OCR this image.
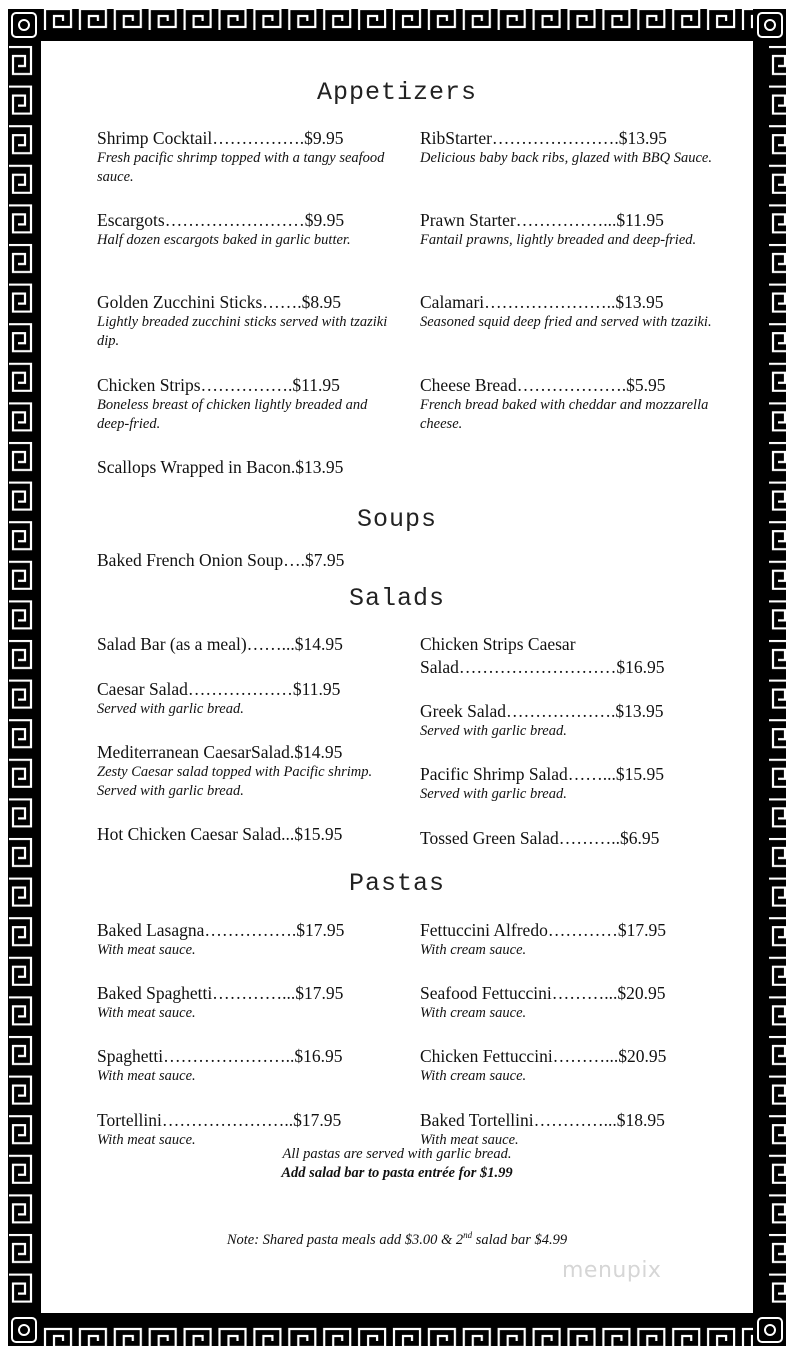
Appetizers
Shrimp Cocktail…………….$9.95
Fresh pacific shrimp topped with a tangy seafood sauce.
RibStarter………………….$13.95
Delicious baby back ribs, glazed with BBQ Sauce.
Escargots……………………$9.95
Half dozen escargots baked in garlic butter.
Prawn Starter……………...$11.95
Fantail prawns, lightly breaded and deep-fried.
Golden Zucchini Sticks…….$8.95
Lightly breaded zucchini sticks served with tzaziki dip.
Calamari…………………..$13.95
Seasoned squid deep fried and served with tzaziki.
Chicken Strips…………….$11.95
Boneless breast of chicken lightly breaded and deep-fried.
Cheese Bread……………….$5.95
French bread baked with cheddar and mozzarella cheese.
Scallops Wrapped in Bacon.$13.95
Soups
Baked French Onion Soup….$7.95
Salads
Salad Bar (as a meal)……...$14.95	Chicken Strips Caesar
Salad………………………$16.95
Caesar Salad………………$11.95
Served with garlic bread.	Greek Salad……………….$13.95
Served with garlic bread.
Mediterranean CaesarSalad.$14.95
Zesty Caesar salad topped with Pacific shrimp. Served with garlic bread.
Pacific Shrimp Salad……...$15.95
Served with garlic bread.
Hot Chicken Caesar Salad...$15.95	Tossed Green Salad………..$6.95
Pastas
Baked Lasagna…………….$17.95
With meat sauce.
Fettuccini Alfredo…………$17.95
With cream sauce.
Baked Spaghetti…………...$17.95
With meat sauce.
Seafood Fettuccini………...$20.95
With cream sauce.
Spaghetti…………………..$16.95
With meat sauce.
Chicken Fettuccini………...$20.95
With cream sauce.
Tortellini…………………..$17.95
With meat sauce.
Baked Tortellini…………...$18.95
With meat sauce.
All pastas are served with garlic bread.
Add salad bar to pasta entrée for $1.99
Note: Shared pasta meals add $3.00 & 2nd salad bar $4.99
menupix
